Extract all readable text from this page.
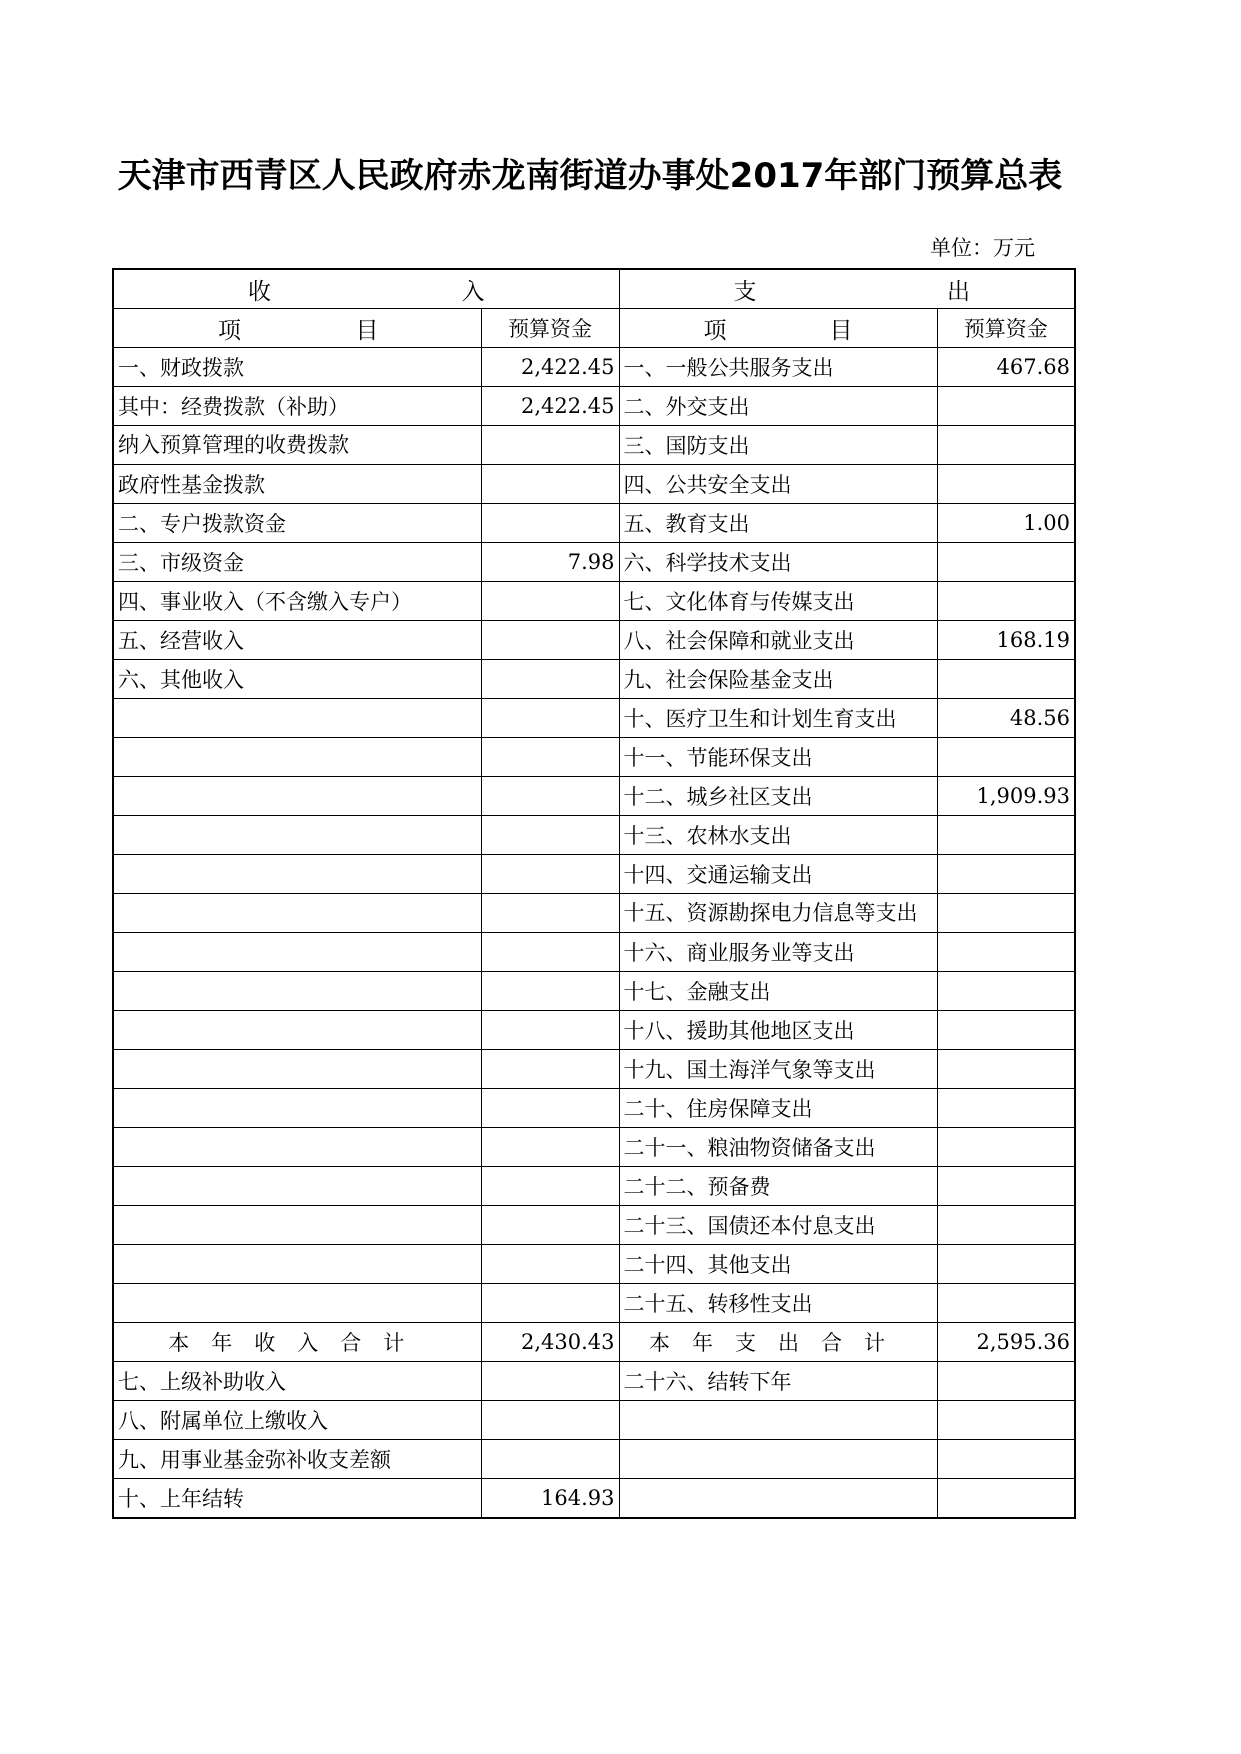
天津市西青区人民政府赤龙南街道办事处2017年部门预算总表
单位：万元
收 入		支 出	

项 目	预算资金	项 目	预算资金
一、财政拨款	2,422.45	一、一般公共服务支出	467.68
其中：经费拨款（补助）	2,422.45	二、外交支出	
纳入预算管理的收费拨款		三、国防支出	
政府性基金拨款		四、公共安全支出	
二、专户拨款资金		五、教育支出	1.00
三、市级资金	7.98	六、科学技术支出	
四、事业收入（不含缴入专户）		七、文化体育与传媒支出	
五、经营收入		八、社会保障和就业支出	168.19
六、其他收入		九、社会保险基金支出	
		十、医疗卫生和计划生育支出	48.56
		十一、节能环保支出	
		十二、城乡社区支出	1,909.93
		十三、农林水支出	
		十四、交通运输支出	
		十五、资源勘探电力信息等支出	
		十六、商业服务业等支出	
		十七、金融支出	
		十八、援助其他地区支出	
		十九、国土海洋气象等支出	
		二十、住房保障支出	
		二十一、粮油物资储备支出	
		二十二、预备费	
		二十三、国债还本付息支出	
		二十四、其他支出	
		二十五、转移性支出	
本年收入合计	2,430.43	本年支出合计	2,595.36
七、上级补助收入		二十六、结转下年	
八、附属单位上缴收入			
九、用事业基金弥补收支差额			
十、上年结转	164.93		
